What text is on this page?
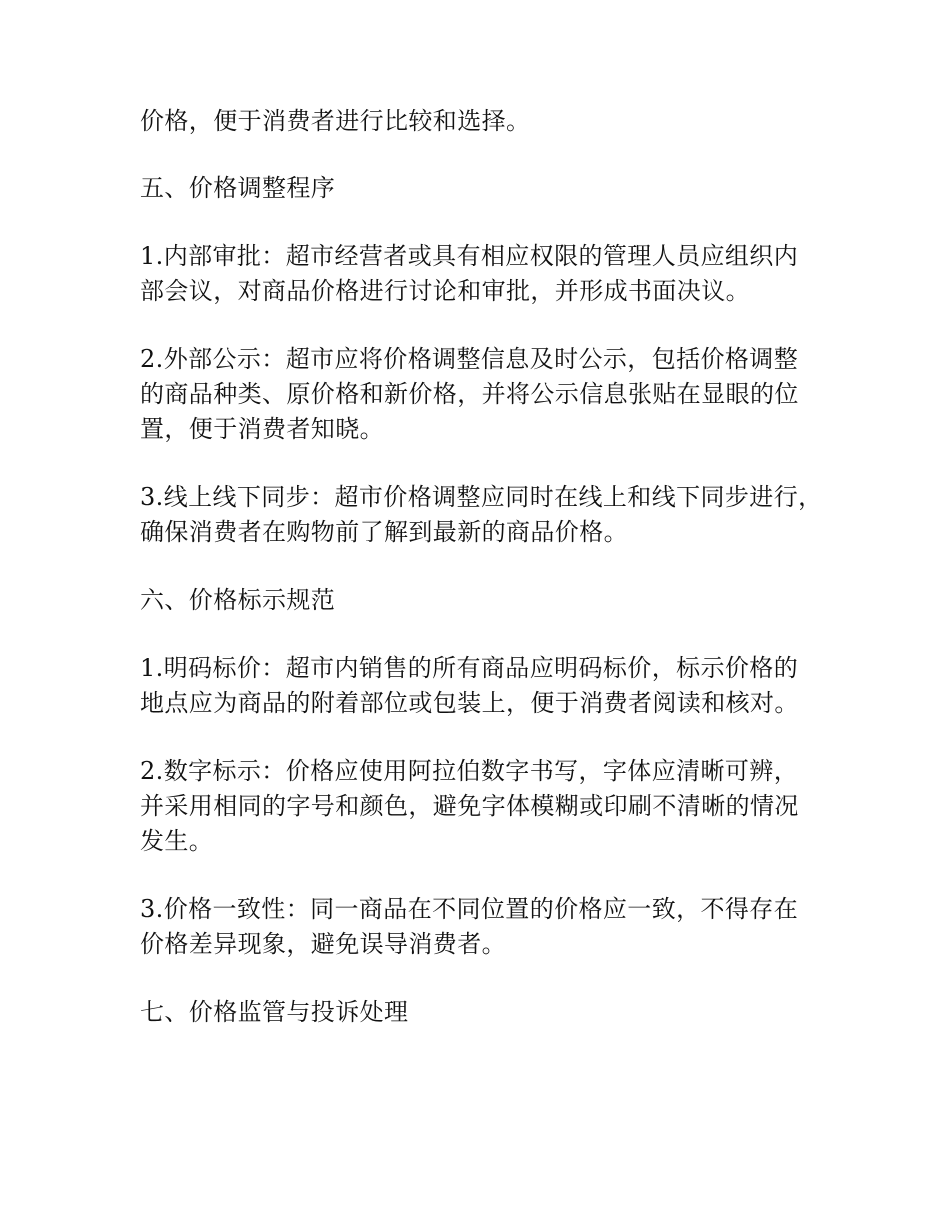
价格，便于消费者进行比较和选择。

五、价格调整程序

1.内部审批：超市经营者或具有相应权限的管理人员应组织内
部会议，对商品价格进行讨论和审批，并形成书面决议。

2.外部公示：超市应将价格调整信息及时公示，包括价格调整
的商品种类、原价格和新价格，并将公示信息张贴在显眼的位
置，便于消费者知晓。

3.线上线下同步：超市价格调整应同时在线上和线下同步进行，
确保消费者在购物前了解到最新的商品价格。

六、价格标示规范

1.明码标价：超市内销售的所有商品应明码标价，标示价格的
地点应为商品的附着部位或包装上，便于消费者阅读和核对。

2.数字标示：价格应使用阿拉伯数字书写，字体应清晰可辨，
并采用相同的字号和颜色，避免字体模糊或印刷不清晰的情况
发生。

3.价格一致性：同一商品在不同位置的价格应一致，不得存在
价格差异现象，避免误导消费者。

七、价格监管与投诉处理
